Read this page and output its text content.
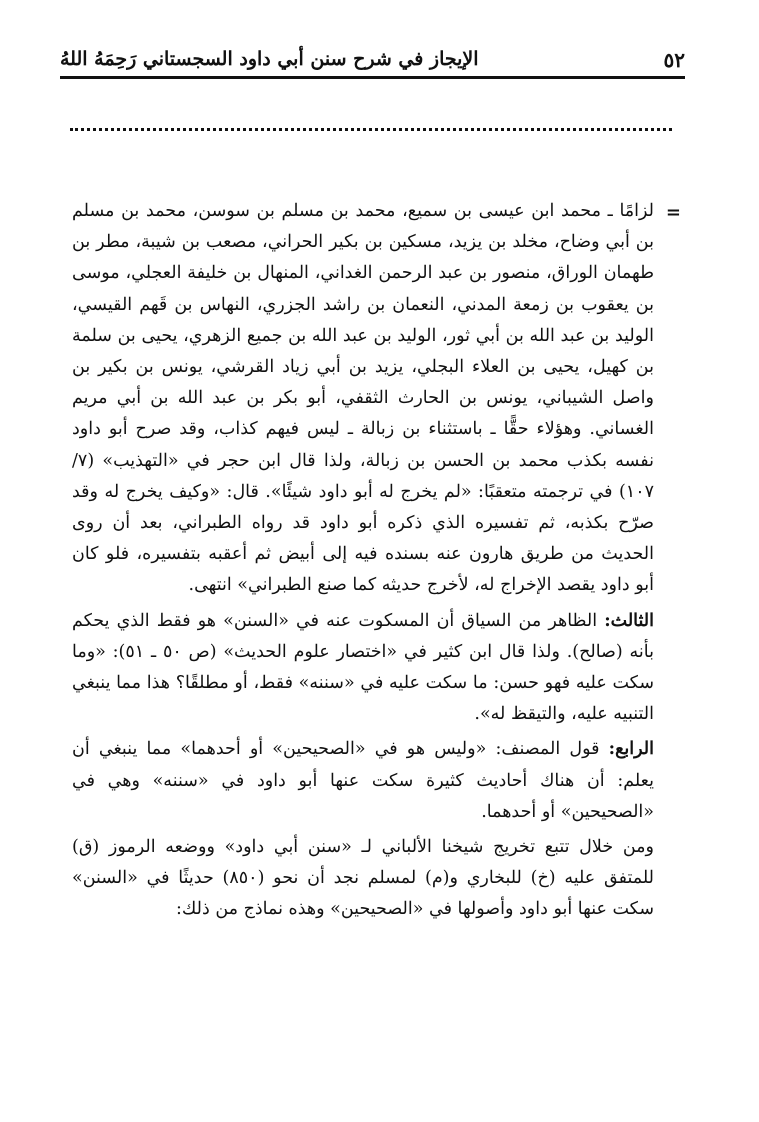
٥٢
الإيجاز في شرح سنن أبي داود السجستاني رَحِمَهُ اللهُ
=

لزامًا ـ محمد ابن عيسى بن سميع، محمد بن مسلم بن سوسن، محمد بن مسلم بن أبي وضاح، مخلد بن يزيد، مسكين بن بكير الحراني، مصعب بن شيبة، مطر بن طهمان الوراق، منصور بن عبد الرحمن الغداني، المنهال بن خليفة العجلي، موسى بن يعقوب بن زمعة المدني، النعمان بن راشد الجزري، النهاس بن قَهم القيسي، الوليد بن عبد الله بن أبي ثور، الوليد بن عبد الله بن جميع الزهري، يحيى بن سلمة بن كهيل، يحيى بن العلاء البجلي، يزيد بن أبي زياد القرشي، يونس بن بكير بن واصل الشيباني، يونس بن الحارث الثقفي، أبو بكر بن عبد الله بن أبي مريم الغساني. وهؤلاء حقًّا ـ باستثناء بن زبالة ـ ليس فيهم كذاب، وقد صرح أبو داود نفسه بكذب محمد بن الحسن بن زبالة، ولذا قال ابن حجر في «التهذيب» (٧/ ١٠٧) في ترجمته متعقبًا: «لم يخرج له أبو داود شيئًا». قال: «وكيف يخرج له وقد صرّح بكذبه، ثم تفسيره الذي ذكره أبو داود قد رواه الطبراني، بعد أن روى الحديث من طريق هارون عنه بسنده فيه إلى أبيض ثم أعقبه بتفسيره، فلو كان أبو داود يقصد الإخراج له، لأخرج حديثه كما صنع الطبراني» انتهى.

الثالث: الظاهر من السياق أن المسكوت عنه في «السنن» هو فقط الذي يحكم بأنه (صالح). ولذا قال ابن كثير في «اختصار علوم الحديث» (ص ٥٠ ـ ٥١): «وما سكت عليه فهو حسن: ما سكت عليه في «سننه» فقط، أو مطلقًا؟ هذا مما ينبغي التنبيه عليه، والتيقظ له».

الرابع: قول المصنف: «وليس هو في «الصحيحين» أو أحدهما» مما ينبغي أن يعلم: أن هناك أحاديث كثيرة سكت عنها أبو داود في «سننه» وهي في «الصحيحين» أو أحدهما.

ومن خلال تتبع تخريج شيخنا الألباني لـ «سنن أبي داود» ووضعه الرموز (ق) للمتفق عليه (خ) للبخاري و(م) لمسلم نجد أن نحو (٨٥٠) حديثًا في «السنن» سكت عنها أبو داود وأصولها في «الصحيحين» وهذه نماذج من ذلك:
